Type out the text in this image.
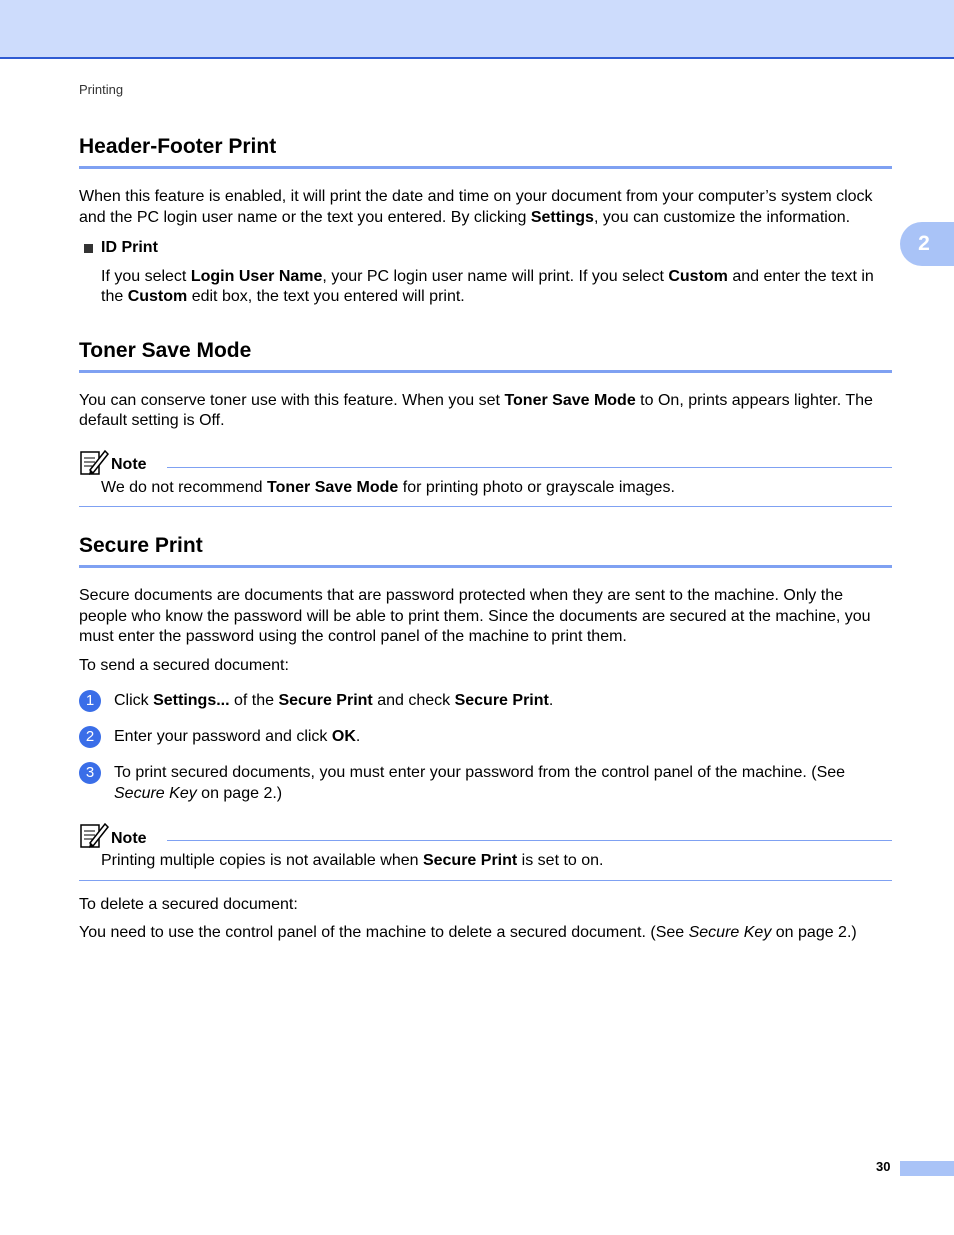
Printing
2
Header-Footer Print

When this feature is enabled, it will print the date and time on your document from your computer’s system clock and the PC login user name or the text you entered. By clicking Settings, you can customize the information.

ID Print

If you select Login User Name, your PC login user name will print. If you select Custom and enter the text in the Custom edit box, the text you entered will print.

Toner Save Mode

You can conserve toner use with this feature. When you set Toner Save Mode to On, prints appears lighter. The default setting is Off.

Note

We do not recommend Toner Save Mode for printing photo or grayscale images.

Secure Print

Secure documents are documents that are password protected when they are sent to the machine. Only the people who know the password will be able to print them. Since the documents are secured at the machine, you must enter the password using the control panel of the machine to print them.

To send a secured document:

1	Click Settings... of the Secure Print and check Secure Print.
2	Enter your password and click OK.
3	To print secured documents, you must enter your password from the control panel of the machine. (See Secure Key on page 2.)
Note

Printing multiple copies is not available when Secure Print is set to on.

To delete a secured document:

You need to use the control panel of the machine to delete a secured document. (See Secure Key on page 2.)

30
